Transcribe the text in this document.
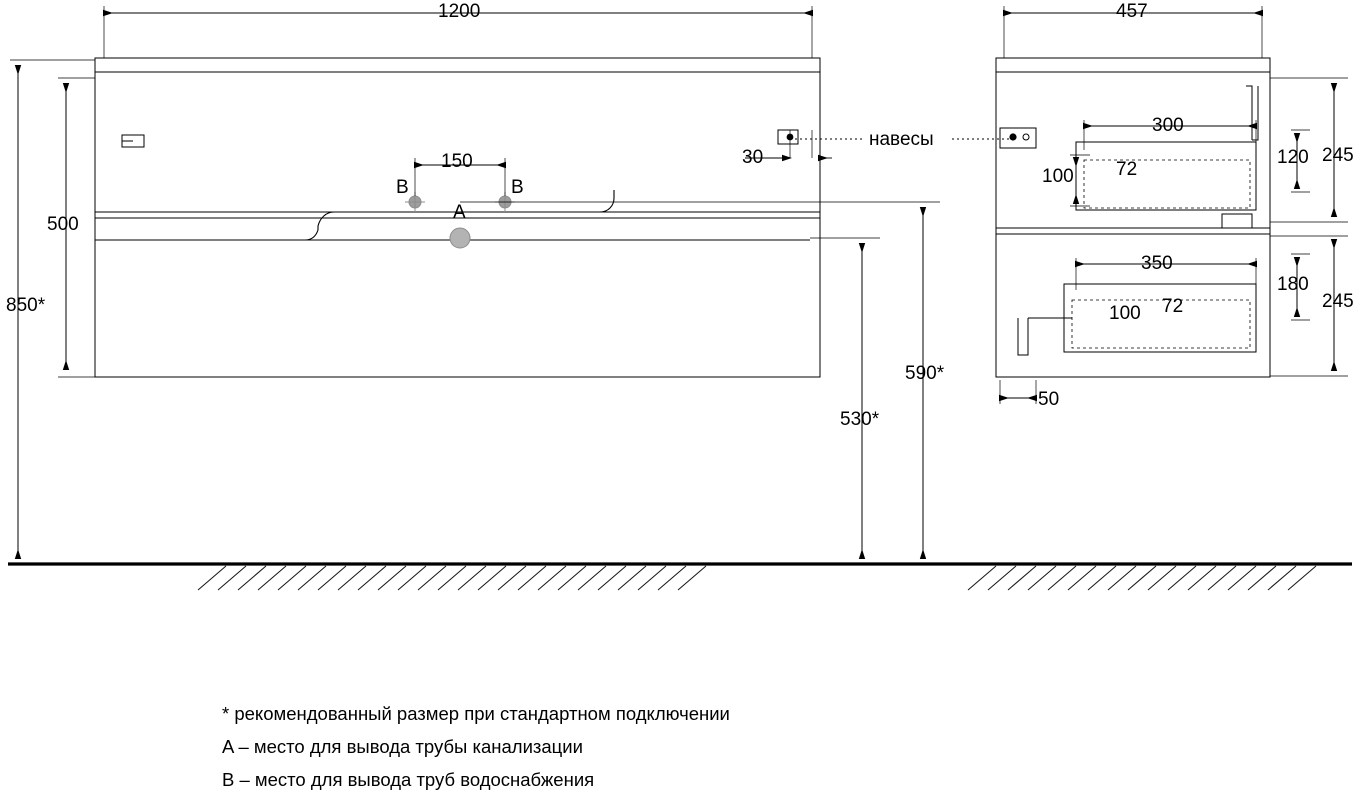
1200
500
850*
150	30
A
B	B
590*
530*
457
навесы
300
100 72
120 245
350
100 72
180
245
50
* рекомендованный размер при стандартном подключении
A – место для вывода трубы канализации
B – место для вывода труб водоснабжения
